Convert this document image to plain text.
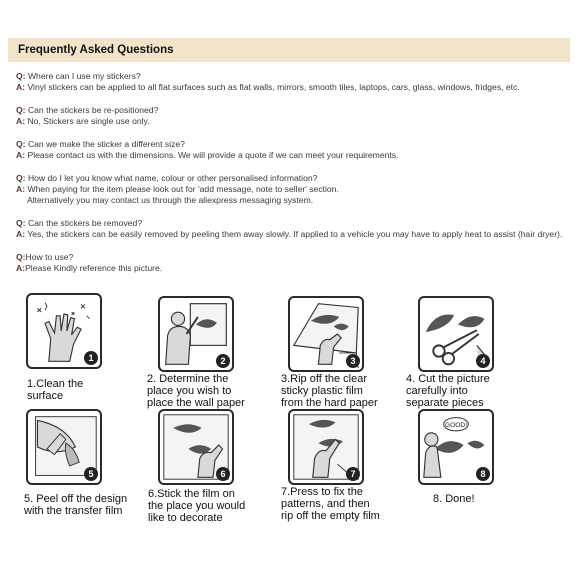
Frequently Asked Questions
Q: Where can I use my stickers?
A: Vinyl stickers can be applied to all flat surfaces such as flat walls, mirrors, smooth tiles, laptops, cars, glass, windows, fridges, etc.
Q: Can the stickers be re-positioned?
A: No, Stickers are single use only.
Q: Can we make the sticker a different size?
A: Please contact us with the dimensions. We will provide a quote if we can meet your requirements.
Q: How do I let you know what name, colour or other personalised information?
A: When paying for the item please look out for 'add message, note to seller' section.
Alternatively you may contact us through the aliexpress messaging system.
Q: Can the stickers be removed?
A: Yes, the stickers can be easily removed by peeling them away slowly. If applied to a vehicle you may have to apply heat to assist (hair dryer).
Q:How to use?
A:Please Kindly reference this picture.
1
1.Clean the
surface
2
2. Determine the
place you wish to
place the wall paper
3
3.Rip off the clear
sticky plastic film
from the hard paper
4
4. Cut the picture
carefully into
separate pieces
5
5. Peel off the design
with the transfer film
6
6.Stick the film on
the place you would
like to decorate
7
7.Press to fix the
patterns, and then
rip off the empty film
GOOD!
8
8. Done!
